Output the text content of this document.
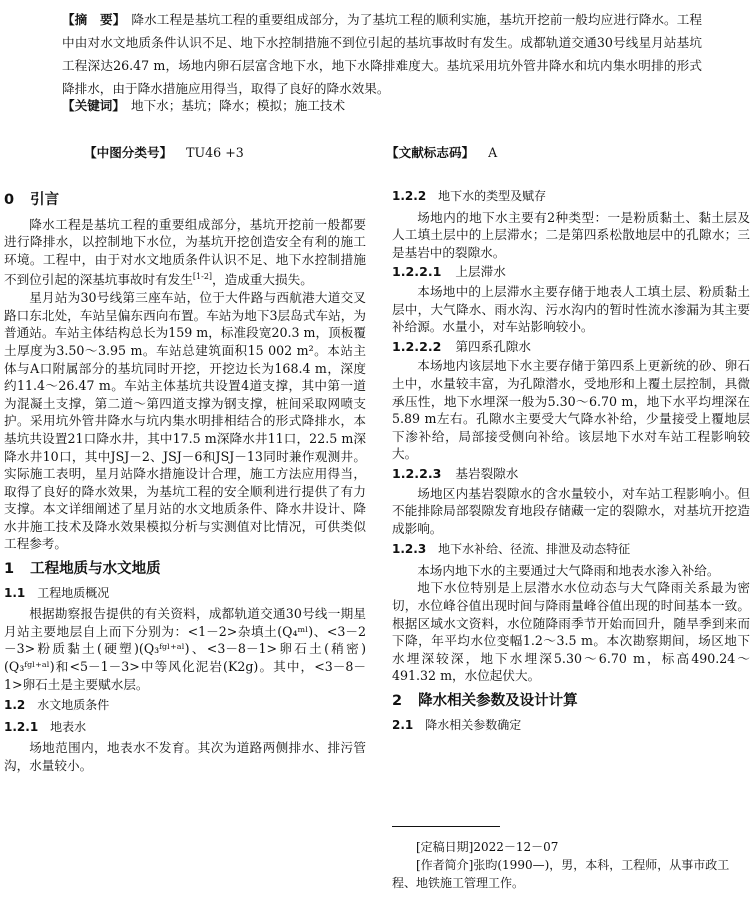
【摘　要】 降水工程是基坑工程的重要组成部分，为了基坑工程的顺利实施，基坑开挖前一般均应进行降水。工程中由对水文地质条件认识不足、地下水控制措施不到位引起的基坑事故时有发生。成都轨道交通30号线星月站基坑工程深达26.47 m，场地内卵石层富含地下水，地下水降排难度大。基坑采用坑外管井降水和坑内集水明排的形式降排水，由于降水措施应用得当，取得了良好的降水效果。
【关键词】 地下水；基坑；降水；模拟；施工技术
【中图分类号】 TU46 +3	【文献标志码】 A
0 引言

降水工程是基坑工程的重要组成部分，基坑开挖前一般都要进行降排水，以控制地下水位，为基坑开挖创造安全有利的施工环境。工程中，由于对水文地质条件认识不足、地下水控制措施不到位引起的深基坑事故时有发生[1-2]，造成重大损失。

星月站为30号线第三座车站，位于大件路与西航港大道交叉路口东北处，车站呈偏东西向布置。车站为地下3层岛式车站，为普通站。车站主体结构总长为159 m，标准段宽20.3 m，顶板覆土厚度为3.50～3.95 m。车站总建筑面积15 002 m²。本站主体与A口附属部分的基坑同时开挖，开挖边长为168.4 m，深度约11.4～26.47 m。车站主体基坑共设置4道支撑，其中第一道为混凝土支撑，第二道～第四道支撑为钢支撑，桩间采取网喷支护。采用坑外管井降水与坑内集水明排相结合的形式降排水，本基坑共设置21口降水井，其中17.5 m深降水井11口，22.5 m深降水井10口，其中JSJ－2、JSJ－6和JSJ－13同时兼作观测井。实际施工表明，星月站降水措施设计合理，施工方法应用得当，取得了良好的降水效果，为基坑工程的安全顺利进行提供了有力支撑。本文详细阐述了星月站的水文地质条件、降水井设计、降水井施工技术及降水效果模拟分析与实测值对比情况，可供类似工程参考。

1 工程地质与水文地质
1.1 工程地质概况

根据勘察报告提供的有关资料，成都轨道交通30号线一期星月站主要地层自上而下分别为：<1－2>杂填土(Q₄ᵐˡ)、<3－2－3>粉质黏土(硬塑)(Q₃ᶠᵍˡ⁺ᵃˡ)、<3－8－1>卵石土(稍密)(Q₃ᶠᵍˡ⁺ᵃˡ)和<5－1－3>中等风化泥岩(K2g)。其中，<3－8－1>卵石土是主要赋水层。

1.2 水文地质条件
1.2.1 地表水

场地范围内，地表水不发育。其次为道路两侧排水、排污管沟，水量较小。

1.2.2 地下水的类型及赋存

场地内的地下水主要有2种类型：一是粉质黏土、黏土层及人工填土层中的上层滞水；二是第四系松散地层中的孔隙水；三是基岩中的裂隙水。

1.2.2.1 上层滞水

本场地中的上层滞水主要存储于地表人工填土层、粉质黏土层中，大气降水、雨水沟、污水沟内的暂时性流水渗漏为其主要补给源。水量小，对车站影响较小。

1.2.2.2 第四系孔隙水

本场地内该层地下水主要存储于第四系上更新统的砂、卵石土中，水量较丰富，为孔隙潜水，受地形和上覆土层控制，具微承压性，地下水埋深一般为5.30～6.70 m，地下水平均埋深在5.89 m左右。孔隙水主要受大气降水补给，少量接受上覆地层下渗补给，局部接受侧向补给。该层地下水对车站工程影响较大。

1.2.2.3 基岩裂隙水

场地区内基岩裂隙水的含水量较小，对车站工程影响小。但不能排除局部裂隙发育地段存储藏一定的裂隙水，对基坑开挖造成影响。

1.2.3 地下水补给、径流、排泄及动态特征

本场内地下水的主要通过大气降雨和地表水渗入补给。

地下水位特别是上层潜水水位动态与大气降雨关系最为密切，水位峰谷值出现时间与降雨量峰谷值出现的时间基本一致。根据区域水文资料，水位随降雨季节开始而回升，随旱季到来而下降，年平均水位变幅1.2～3.5 m。本次勘察期间，场区地下水埋深较深，地下水埋深5.30～6.70 m，标高490.24～491.32 m，水位起伏大。

2 降水相关参数及设计计算
2.1 降水相关参数确定

[定稿日期]2022－12－07

[作者简介]张昀(1990—)，男，本科，工程师，从事市政工程、地铁施工管理工作。
